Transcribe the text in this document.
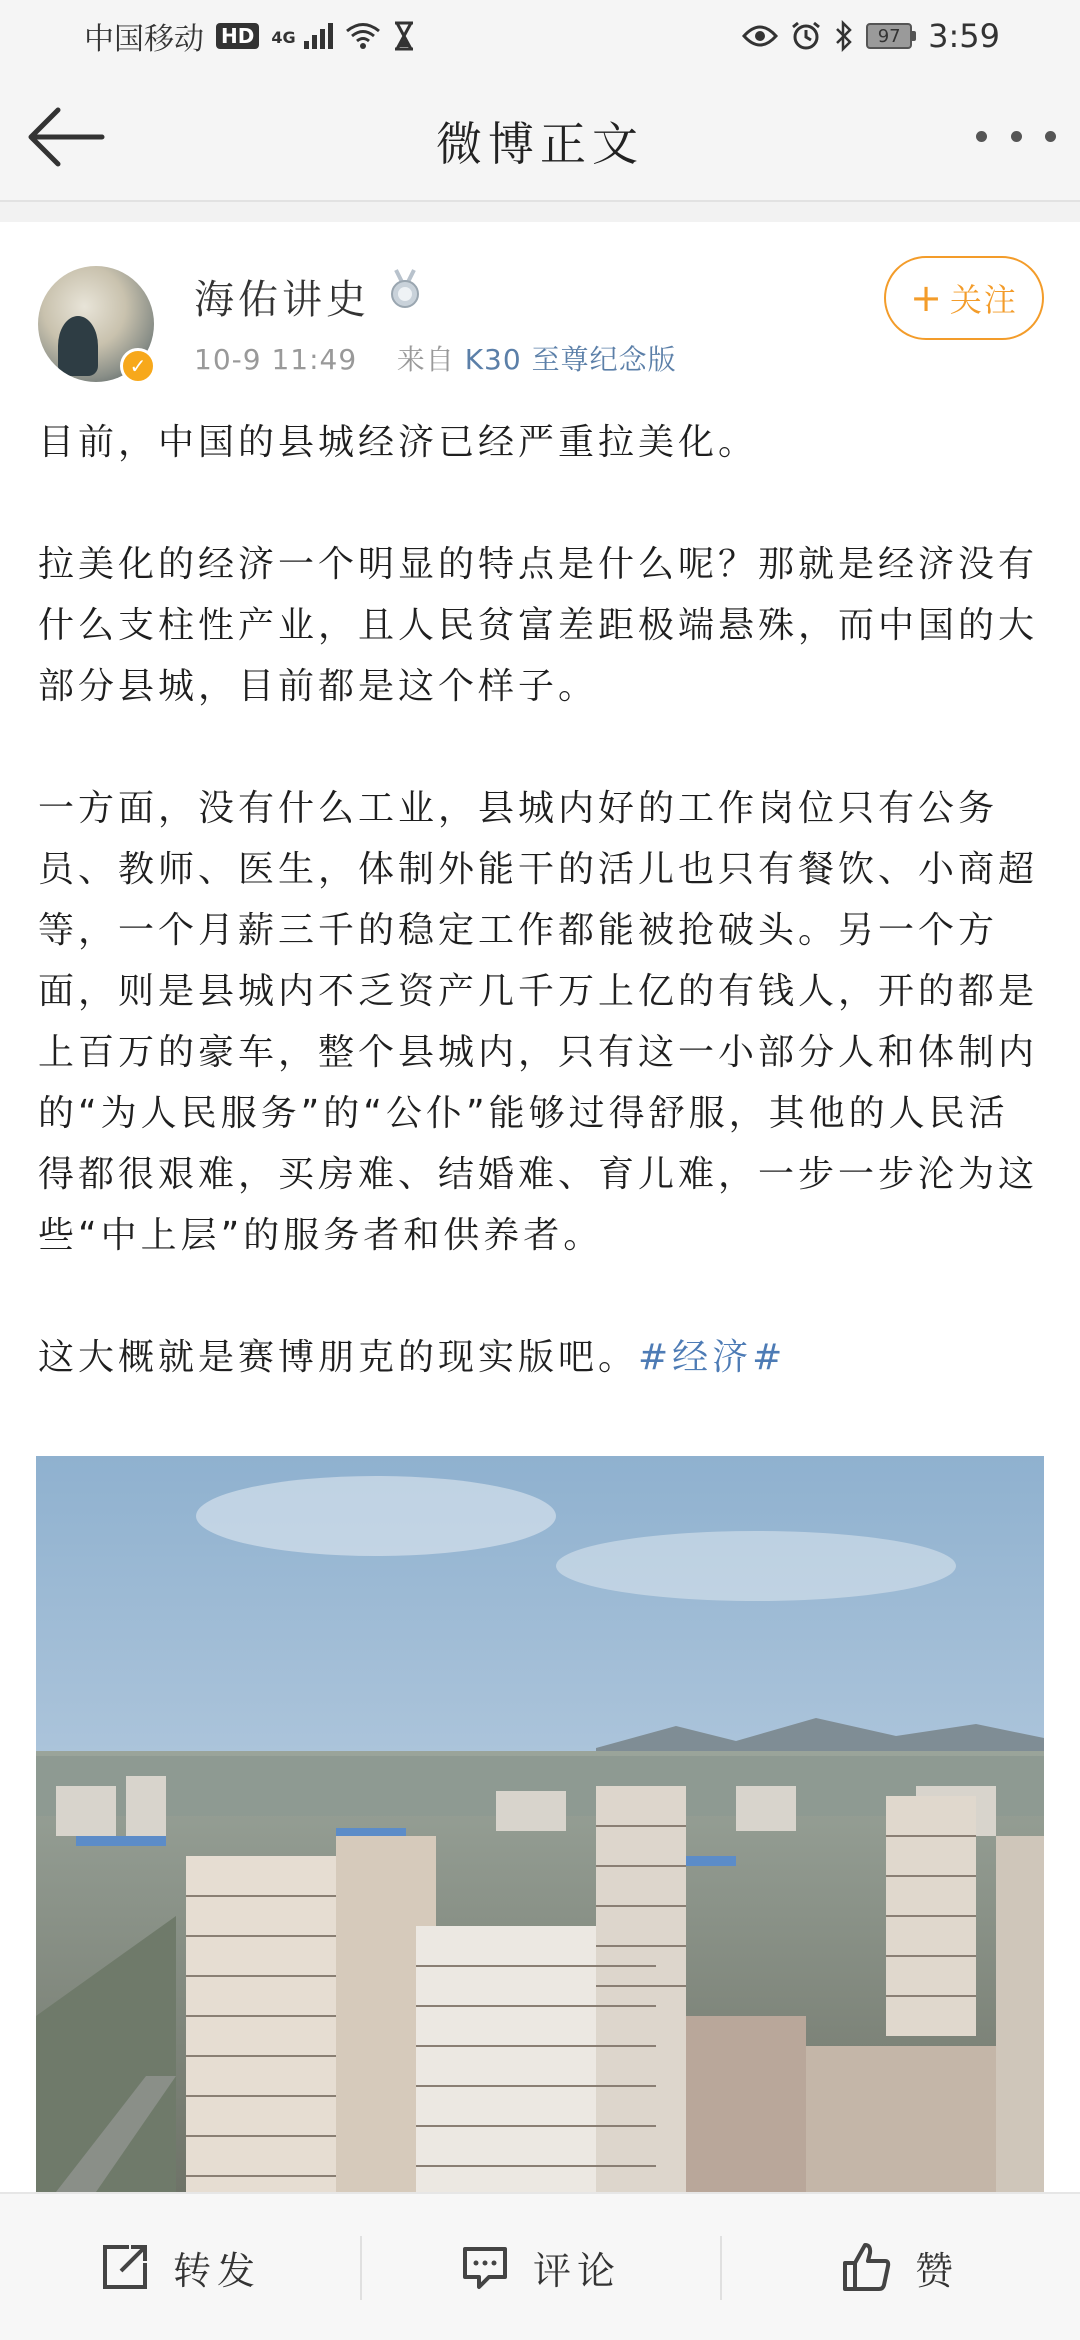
中国移动 HD	4G	97 3:59
微博正文
✓
海佑讲史
10-9 11:49 来自 K30 至尊纪念版
+ 关注

目前，中国的县城经济已经严重拉美化。

拉美化的经济一个明显的特点是什么呢？那就是经济没有什么支柱性产业，且人民贫富差距极端悬殊，而中国的大部分县城，目前都是这个样子。

一方面，没有什么工业，县城内好的工作岗位只有公务员、教师、医生，体制外能干的活儿也只有餐饮、小商超等，一个月薪三千的稳定工作都能被抢破头。另一个方面，则是县城内不乏资产几千万上亿的有钱人，开的都是上百万的豪车，整个县城内，只有这一小部分人和体制内的“为人民服务”的“公仆”能够过得舒服，其他的人民活得都很艰难，买房难、结婚难、育儿难，一步一步沦为这些“中上层”的服务者和供养者。

这大概就是赛博朋克的现实版吧。#经济#

转发	评论	赞
